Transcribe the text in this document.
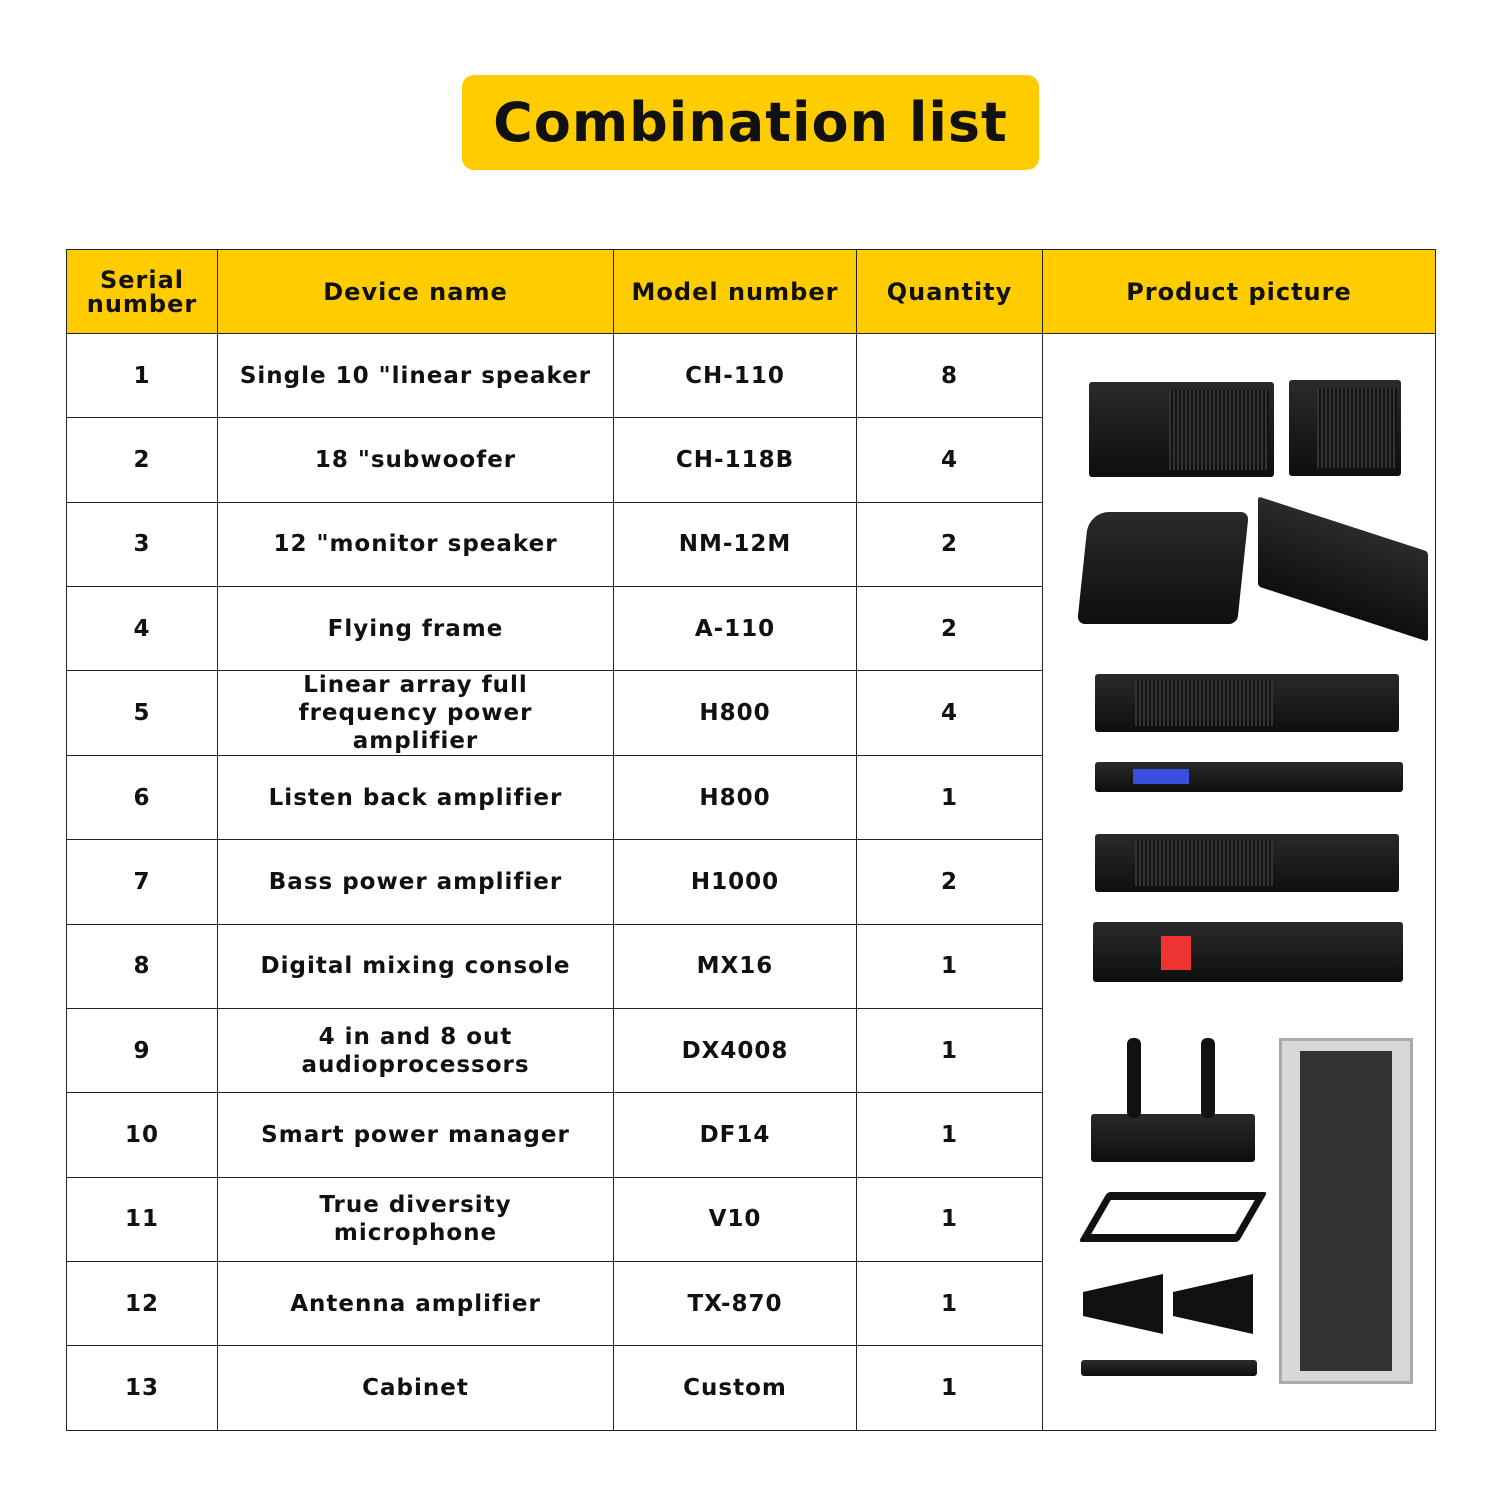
Combination list
Serial number	Device name	Model number	Quantity	Product picture
1	Single 10 "linear speaker	CH-110	8	

2	18 "subwoofer	CH-118B	4	
3	12 "monitor speaker	NM-12M	2	
4	Flying frame	A-110	2	
5	Linear array full frequency power amplifier	H800	4	
6	Listen back amplifier	H800	1	
7	Bass power amplifier	H1000	2	
8	Digital mixing console	MX16	1	
9	4 in and 8 out audioprocessors	DX4008	1	
10	Smart power manager	DF14	1	
11	True diversity microphone	V10	1	
12	Antenna amplifier	TX-870	1	
13	Cabinet	Custom	1	
